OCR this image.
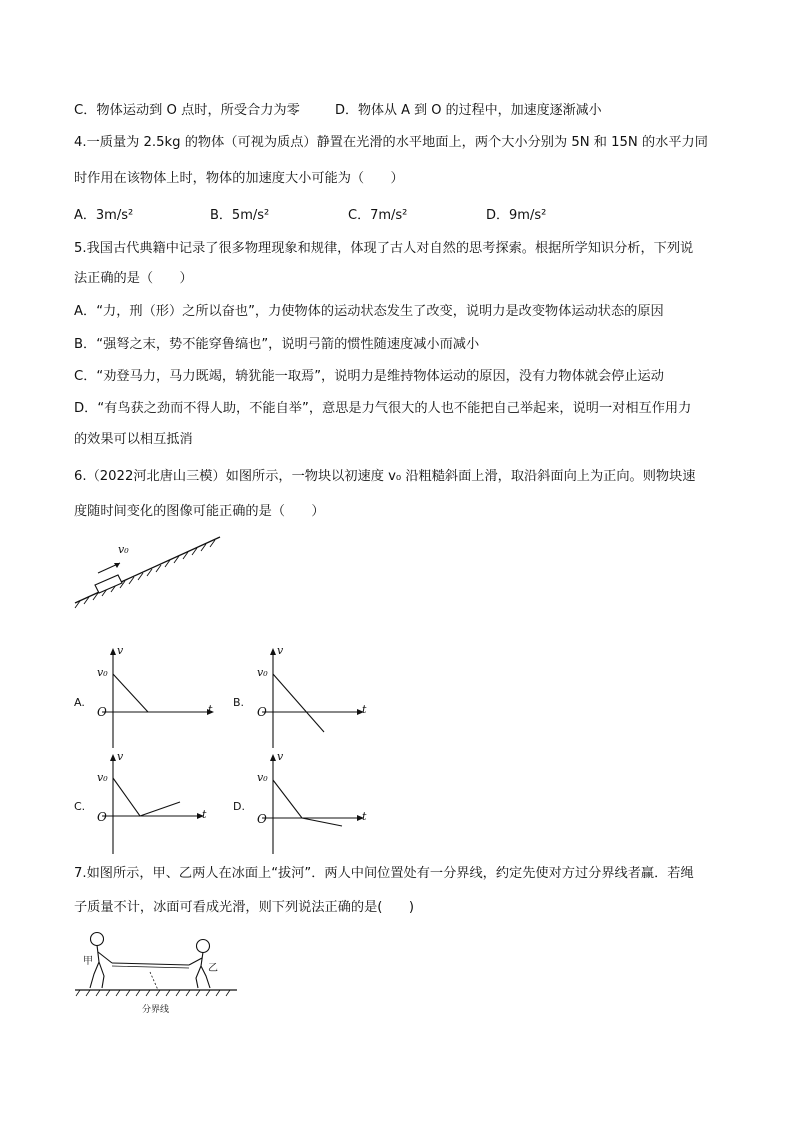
C．物体运动到 O 点时，所受合力为零	D．物体从 A 到 O 的过程中，加速度逐渐减小
4.一质量为 2.5kg 的物体（可视为质点）静置在光滑的水平地面上，两个大小分别为 5N 和 15N 的水平力同
时作用在该物体上时，物体的加速度大小可能为（　　）
A．3m/s²	B．5m/s²	C．7m/s²	D．9m/s²
5.我国古代典籍中记录了很多物理现象和规律，体现了古人对自然的思考探索。根据所学知识分析，下列说
法正确的是（　　）
A．“力，刑（形）之所以奋也”，力使物体的运动状态发生了改变，说明力是改变物体运动状态的原因
B．“强弩之末，势不能穿鲁缟也”，说明弓箭的惯性随速度减小而减小
C．“劝登马力，马力既竭，辀犹能一取焉”，说明力是维持物体运动的原因，没有力物体就会停止运动
D．“有鸟获之劲而不得人助，不能自举”，意思是力气很大的人也不能把自己举起来，说明一对相互作用力
的效果可以相互抵消
6.（2022河北唐山三模）如图所示，一物块以初速度 v₀ 沿粗糙斜面上滑，取沿斜面向上为正向。则物块速
度随时间变化的图像可能正确的是（　　）
v₀
A.
v
v₀
O	t
B.
v
v₀
O	t
C.
v
v₀
O	t
D.
v
v₀
O	t
7.如图所示，甲、乙两人在冰面上“拔河”．两人中间位置处有一分界线，约定先使对方过分界线者赢．若绳
子质量不计，冰面可看成光滑，则下列说法正确的是(　　)
甲
乙
分界线
